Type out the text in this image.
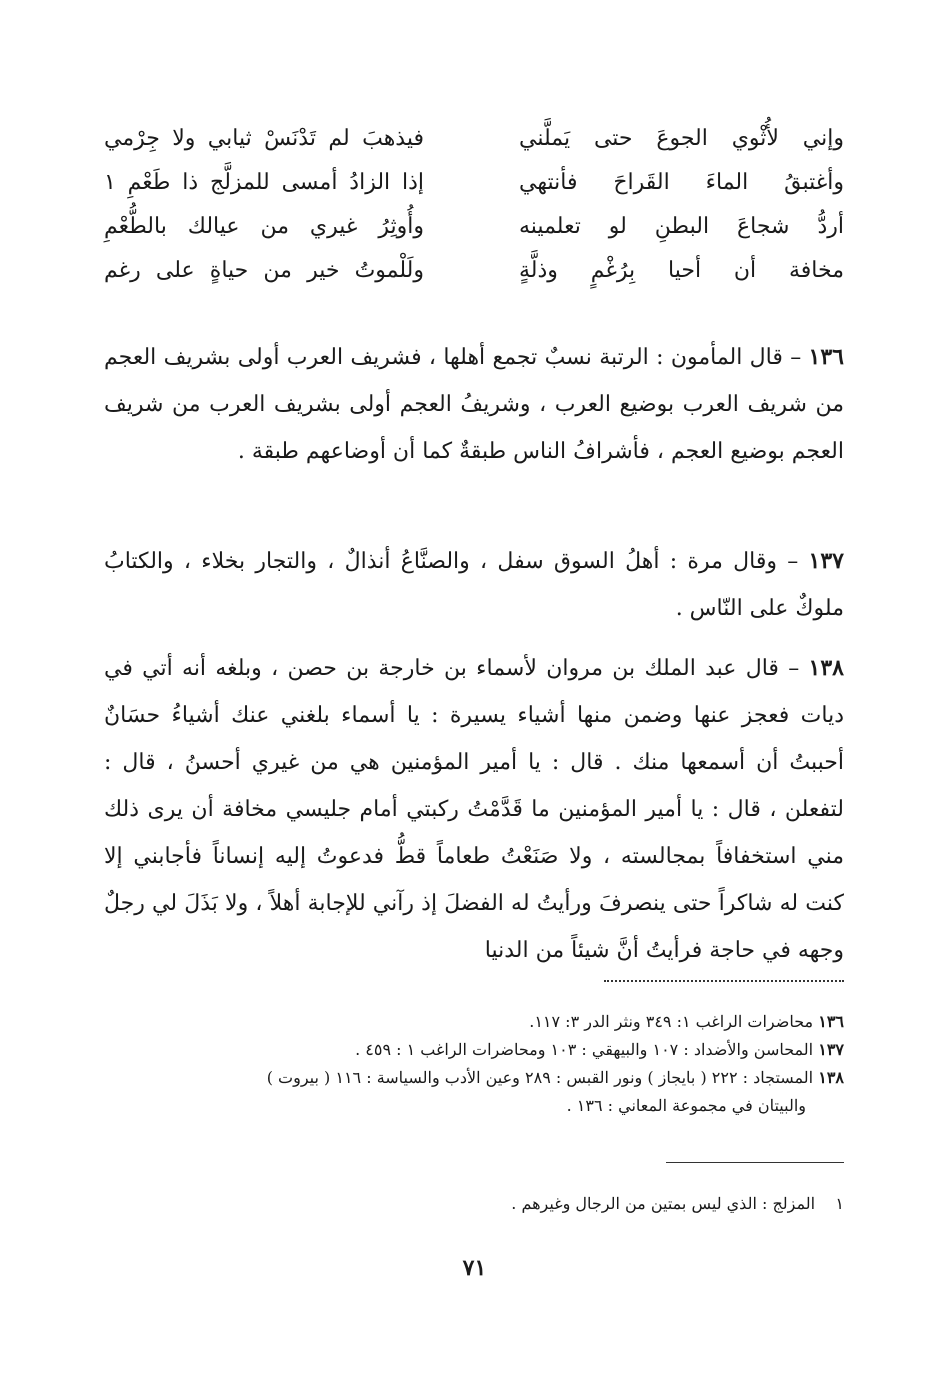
وإني لأُثْوي الجوعَ حتى يَملَّني
فيذهبَ لم تَدْنَسْ ثيابي ولا جِرْمي
وأغتبقُ الماءَ القَراحَ فأنتهي
إذا الزادُ أمسى للمزلَّج ذا طَعْمِ ١
أردُّ شجاعَ البطنِ لو تعلمينه
وأُوثِرُ غيري من عيالك بالطُّعْمِ
مخافة أن أحيا بِرُغْمٍ وذلَّةٍ
ولَلْموتُ خير من حياةٍ على رغم
١٣٦ – قال المأمون : الرتبة نسبٌ تجمع أهلها ، فشريف العرب أولى بشريف العجم من شريف العرب بوضيع العرب ، وشريفُ العجم أولى بشريف العرب من شريف العجم بوضيع العجم ، فأشرافُ الناس طبقةٌ كما أن أوضاعهم طبقة .
١٣٧ – وقال مرة : أهلُ السوق سفل ، والصنَّاعُ أنذالٌ ، والتجار بخلاء ، والكتابُ ملوكٌ على النّاس .
١٣٨ – قال عبد الملك بن مروان لأسماء بن خارجة بن حصن ، وبلغه أنه أتي في ديات فعجز عنها وضمن منها أشياء يسيرة : يا أسماء بلغني عنك أشياءُ حسَانٌ أحببتُ أن أسمعها منك . قال : يا أمير المؤمنين هي من غيري أحسنُ ، قال : لتفعلن ، قال : يا أمير المؤمنين ما قَدَّمْتُ ركبتي أمام جليسي مخافة أن يرى ذلك مني استخفافاً بمجالسته ، ولا صَنَعْتُ طعاماً قطُّ فدعوتُ إليه إنساناً فأجابني إلا كنت له شاكراً حتى ينصرفَ ورأيتُ له الفضلَ إذ رآني للإجابة أهلاً ، ولا بَذَلَ لي رجلٌ وجهه في حاجة فرأيتُ أنَّ شيئاً من الدنيا
١٣٦ محاضرات الراغب ١: ٣٤٩ ونثر الدر ٣: ١١٧.
١٣٧ المحاسن والأضداد : ١٠٧ والبيهقي : ١٠٣ ومحاضرات الراغب ١ : ٤٥٩ .
١٣٨ المستجاد : ٢٢٢ ( بايجاز ) ونور القبس : ٢٨٩ وعين الأدب والسياسة : ١١٦ ( بيروت )
والبيتان في مجموعة المعاني : ١٣٦ .
١    المزلج : الذي ليس بمتين من الرجال وغيرهم .
٧١
